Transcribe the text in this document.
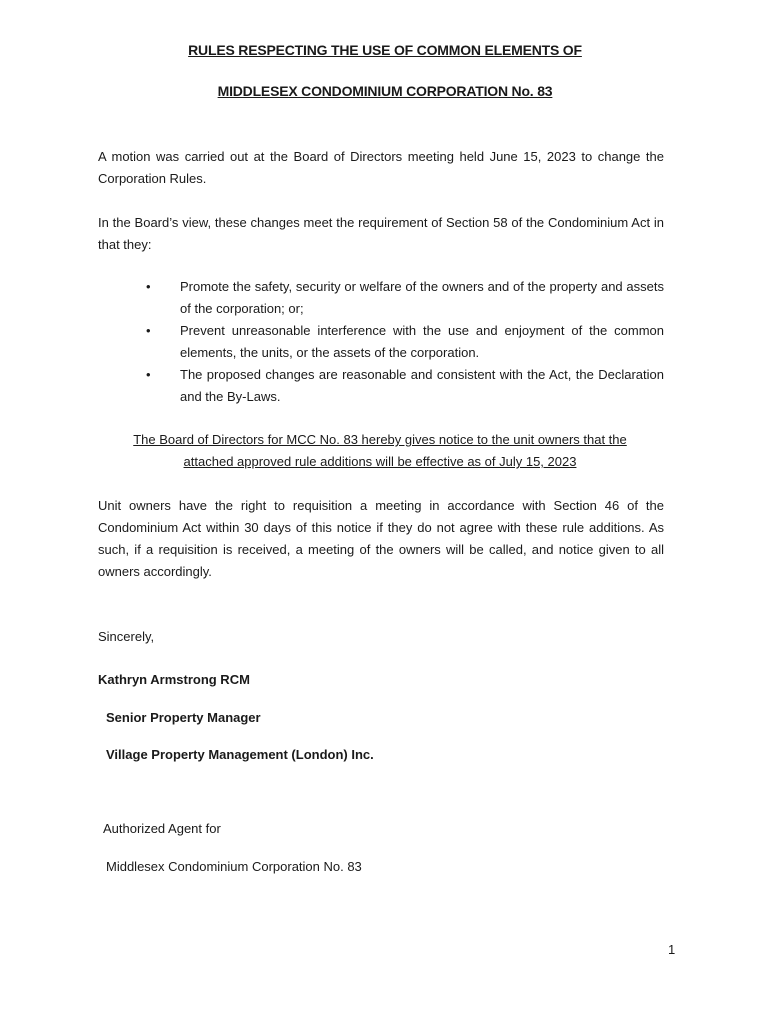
RULES RESPECTING THE USE OF COMMON ELEMENTS OF
MIDDLESEX CONDOMINIUM CORPORATION No. 83
A motion was carried out at the Board of Directors meeting held June 15, 2023 to change the Corporation Rules.
In the Board’s view, these changes meet the requirement of Section 58 of the Condominium Act in that they:
• Promote the safety, security or welfare of the owners and of the property and assets of the corporation; or;
• Prevent unreasonable interference with the use and enjoyment of the common elements, the units, or the assets of the corporation.
• The proposed changes are reasonable and consistent with the Act, the Declaration and the By-Laws.
The Board of Directors for MCC No. 83 hereby gives notice to the unit owners that the attached approved rule additions will be effective as of July 15, 2023
Unit owners have the right to requisition a meeting in accordance with Section 46 of the Condominium Act within 30 days of this notice if they do not agree with these rule additions. As such, if a requisition is received, a meeting of the owners will be called, and notice given to all owners accordingly.
Sincerely,
Kathryn Armstrong RCM
Senior Property Manager
Village Property Management (London) Inc.
Authorized Agent for
Middlesex Condominium Corporation No. 83
1
